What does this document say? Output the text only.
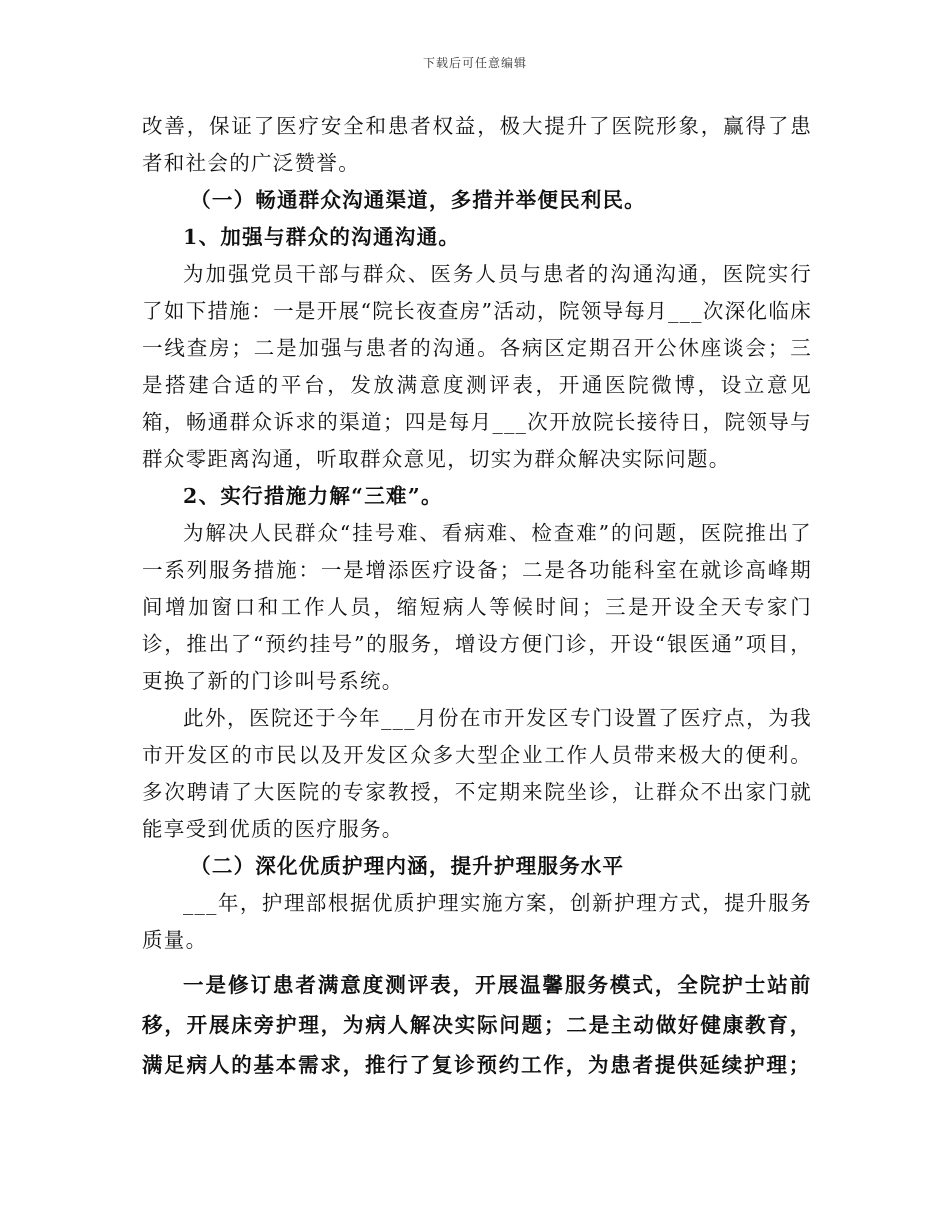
下载后可任意编辑

改善，保证了医疗安全和患者权益，极大提升了医院形象，赢得了患者和社会的广泛赞誉。

（一）畅通群众沟通渠道，多措并举便民利民。

1、加强与群众的沟通沟通。

为加强党员干部与群众、医务人员与患者的沟通沟通，医院实行了如下措施：一是开展“院长夜查房”活动，院领导每月___次深化临床一线查房；二是加强与患者的沟通。各病区定期召开公休座谈会；三是搭建合适的平台，发放满意度测评表，开通医院微博，设立意见箱，畅通群众诉求的渠道；四是每月___次开放院长接待日，院领导与群众零距离沟通，听取群众意见，切实为群众解决实际问题。

2、实行措施力解“三难”。

为解决人民群众“挂号难、看病难、检查难”的问题，医院推出了一系列服务措施：一是增添医疗设备；二是各功能科室在就诊高峰期间增加窗口和工作人员，缩短病人等候时间；三是开设全天专家门诊，推出了“预约挂号”的服务，增设方便门诊，开设“银医通”项目，更换了新的门诊叫号系统。

此外，医院还于今年___月份在市开发区专门设置了医疗点，为我市开发区的市民以及开发区众多大型企业工作人员带来极大的便利。多次聘请了大医院的专家教授，不定期来院坐诊，让群众不出家门就能享受到优质的医疗服务。

（二）深化优质护理内涵，提升护理服务水平

___年，护理部根据优质护理实施方案，创新护理方式，提升服务质量。

一是修订患者满意度测评表，开展温馨服务模式，全院护士站前移，开展床旁护理，为病人解决实际问题；二是主动做好健康教育，满足病人的基本需求，推行了复诊预约工作，为患者提供延续护理；
